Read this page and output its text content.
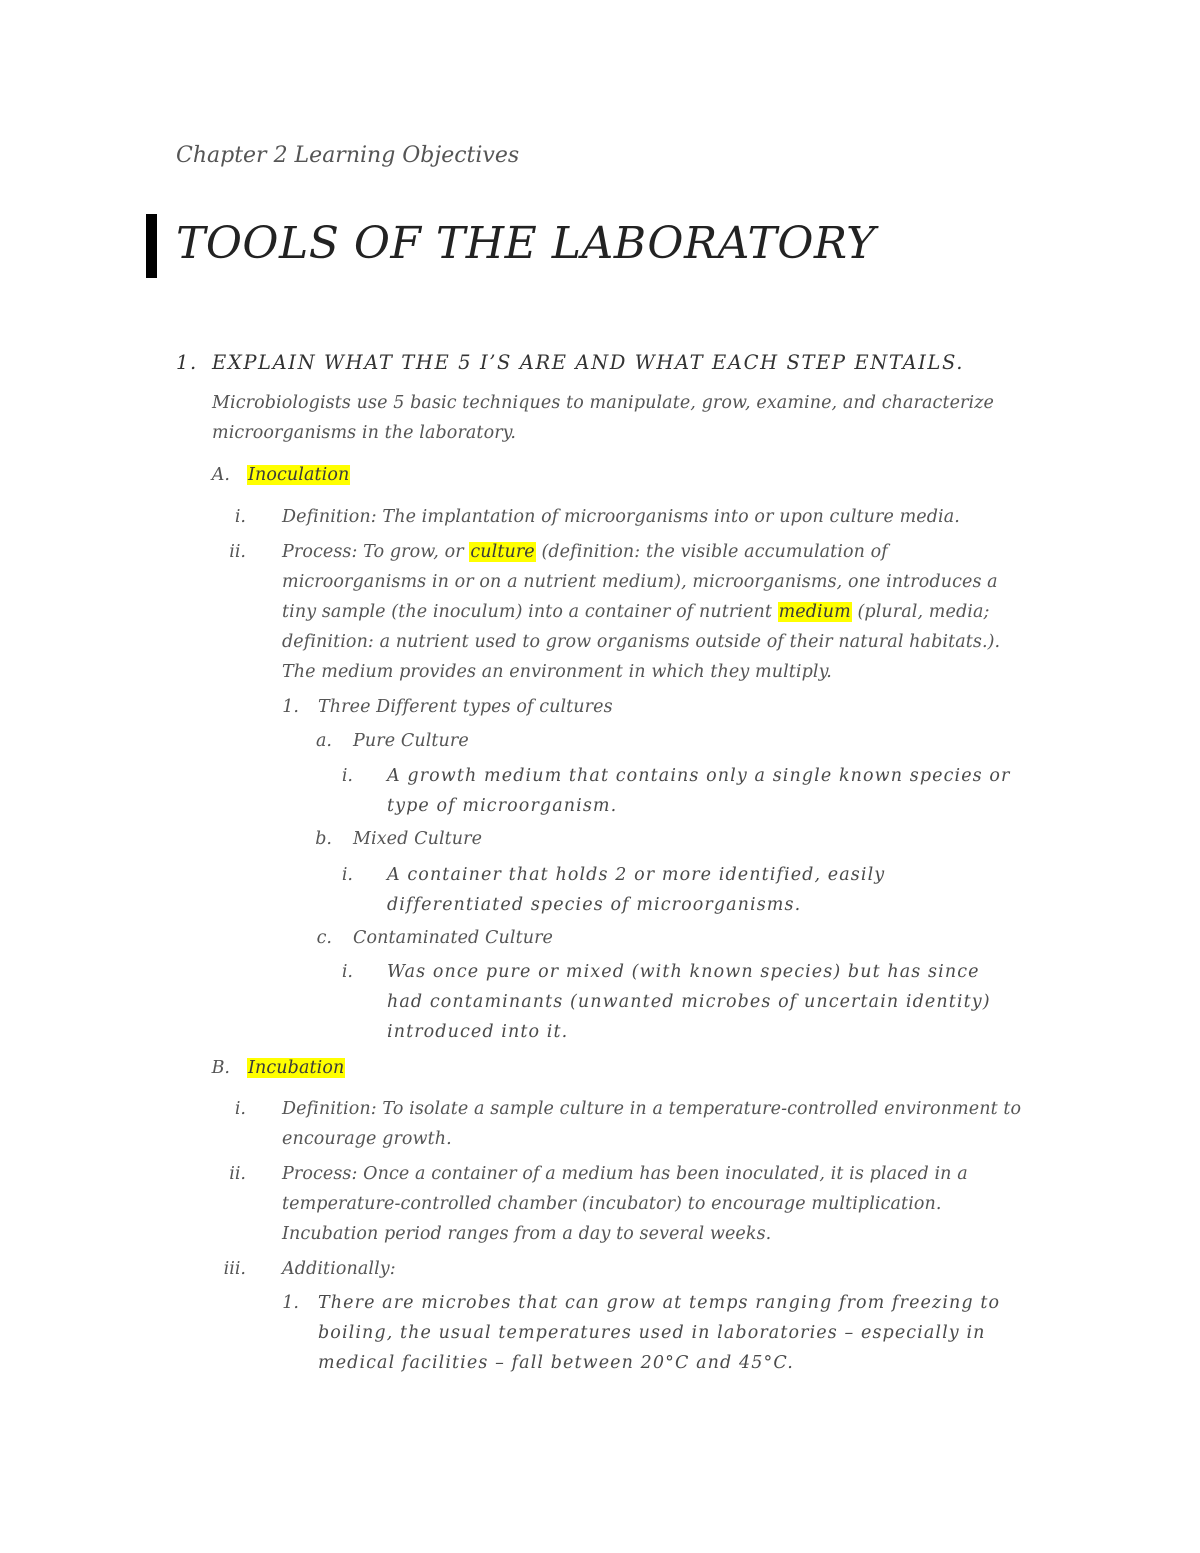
Chapter 2 Learning Objectives
TOOLS OF THE LABORATORY
1. EXPLAIN WHAT THE 5 I’S ARE AND WHAT EACH STEP ENTAILS.
Microbiologists use 5 basic techniques to manipulate, grow, examine, and characterize
microorganisms in the laboratory.
A. Inoculation
i. Definition: The implantation of microorganisms into or upon culture media.
ii. Process: To grow, or culture (definition: the visible accumulation of
microorganisms in or on a nutrient medium), microorganisms, one introduces a
tiny sample (the inoculum) into a container of nutrient medium (plural, media;
definition: a nutrient used to grow organisms outside of their natural habitats.).
The medium provides an environment in which they multiply.
1. Three Different types of cultures
a. Pure Culture
i. A growth medium that contains only a single known species or
type of microorganism.
b. Mixed Culture
i. A container that holds 2 or more identified, easily
differentiated species of microorganisms.
c. Contaminated Culture
i. Was once pure or mixed (with known species) but has since
had contaminants (unwanted microbes of uncertain identity)
introduced into it.
B. Incubation
i. Definition: To isolate a sample culture in a temperature-controlled environment to
encourage growth.
ii. Process: Once a container of a medium has been inoculated, it is placed in a
temperature-controlled chamber (incubator) to encourage multiplication.
Incubation period ranges from a day to several weeks.
iii. Additionally:
1. There are microbes that can grow at temps ranging from freezing to
boiling, the usual temperatures used in laboratories – especially in
medical facilities – fall between 20°C and 45°C.
